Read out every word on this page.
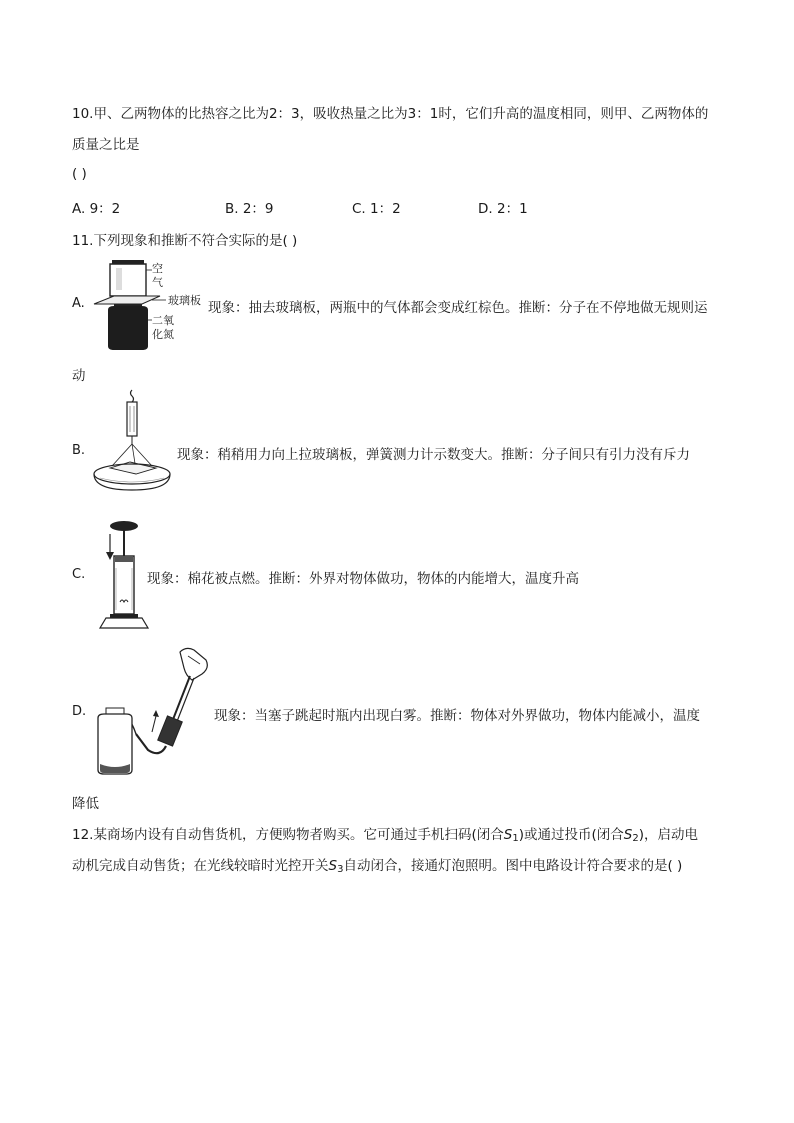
10.甲、乙两物体的比热容之比为2：3，吸收热量之比为3：1时，它们升高的温度相同，则甲、乙两物体的
质量之比是
( )
A. 9：2	B. 2：9	C. 1：2	D. 2：1
11.下列现象和推断不符合实际的是( )
A.
空
气
玻璃板
二氧
化氮
现象：抽去玻璃板，两瓶中的气体都会变成红棕色。推断：分子在不停地做无规则运
动
B.	现象：稍稍用力向上拉玻璃板，弹簧测力计示数变大。推断：分子间只有引力没有斥力
C.	现象：棉花被点燃。推断：外界对物体做功，物体的内能增大，温度升高
D.	现象：当塞子跳起时瓶内出现白雾。推断：物体对外界做功，物体内能减小，温度
降低
12.某商场内设有自动售货机，方便购物者购买。它可通过手机扫码(闭合$S_1$)或通过投币(闭合$S_2$)，启动电
动机完成自动售货；在光线较暗时光控开关$S_3$自动闭合，接通灯泡照明。图中电路设计符合要求的是( )
